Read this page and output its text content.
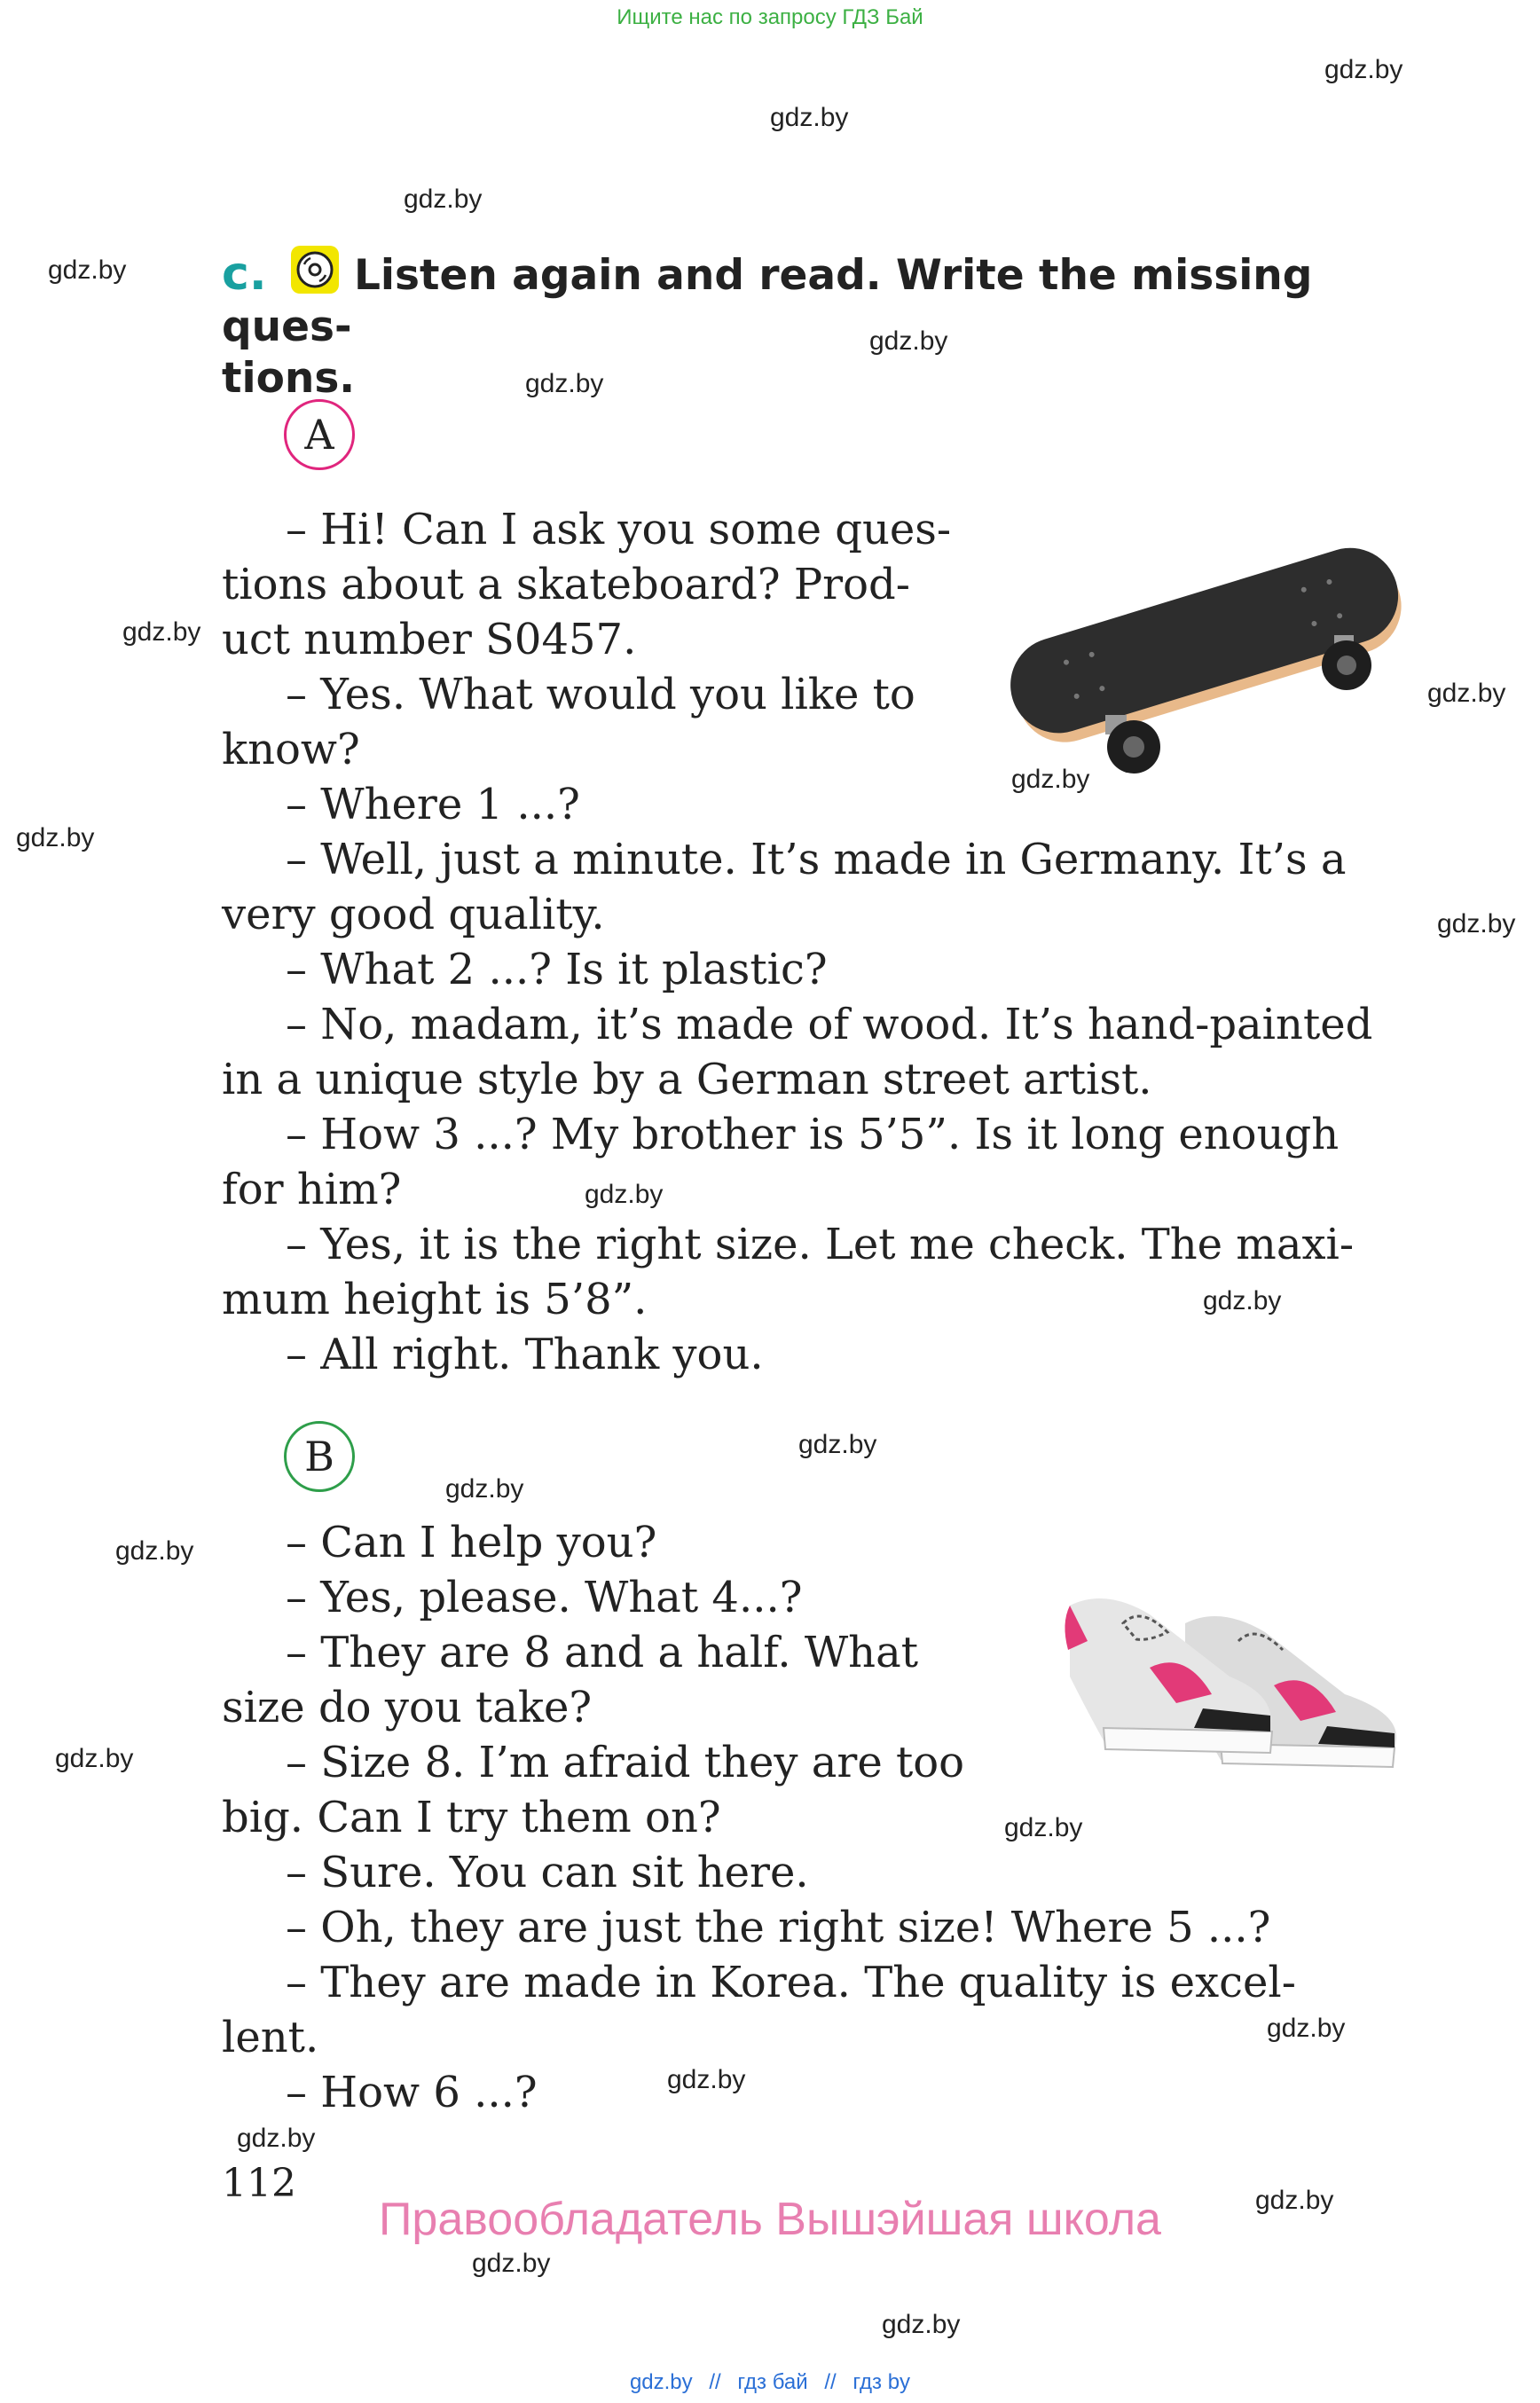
Ищите нас по запросу ГДЗ Бай
gdz.by
gdz.by
gdz.by
gdz.by
gdz.by
gdz.by
gdz.by
gdz.by
gdz.by
gdz.by
gdz.by
gdz.by
gdz.by
gdz.by
gdz.by
gdz.by
gdz.by
gdz.by
gdz.by
gdz.by
gdz.by
gdz.by
gdz.by
gdz.by
c. Listen again and read. Write the missing ques-
tions.
A
– Hi! Can I ask you some ques-
tions about a skateboard? Prod-
uct number S0457.
– Yes. What would you like to
know?
– Where 1 ...?
– Well, just a minute. It’s made in Germany. It’s a
very good quality.
– What 2 ...? Is it plastic?
– No, madam, it’s made of wood. It’s hand-painted
in a unique style by a German street artist.
– How 3 ...? My brother is 5’5”. Is it long enough
for him?
– Yes, it is the right size. Let me check. The maxi-
mum height is 5’8”.
– All right. Thank you.
B
– Can I help you?
– Yes, please. What 4...?
– They are 8 and a half. What
size do you take?
– Size 8. I’m afraid they are too
big. Can I try them on?
– Sure. You can sit here.
– Oh, they are just the right size! Where 5 ...?
– They are made in Korea. The quality is excel-
lent.
– How 6 ...?
112
Правообладатель Вышэйшая школа
gdz.by // гдз бай // гдз by
